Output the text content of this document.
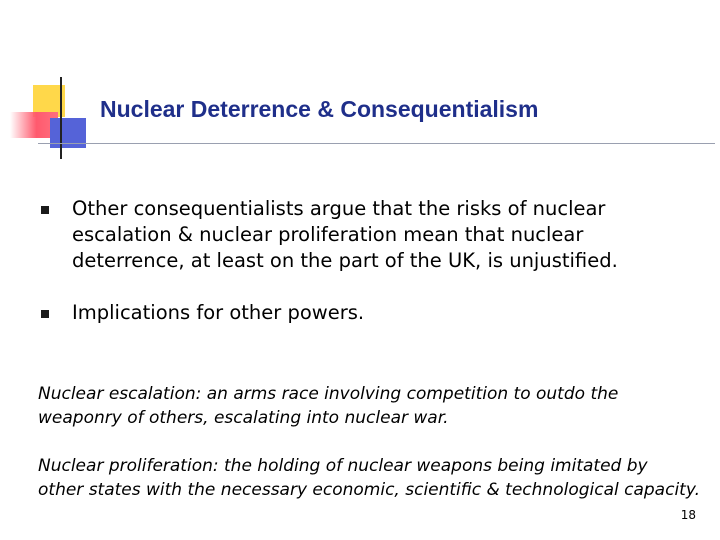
Nuclear Deterrence & Consequentialism
Other consequentialists argue that the risks of nuclear escalation & nuclear proliferation mean that nuclear deterrence, at least on the part of the UK, is unjustified.
Implications for other powers.

Nuclear escalation: an arms race involving competition to outdo the
weaponry of others, escalating into nuclear war.

Nuclear proliferation: the holding of nuclear weapons being imitated by
other states with the necessary economic, scientific & technological capacity.

18
